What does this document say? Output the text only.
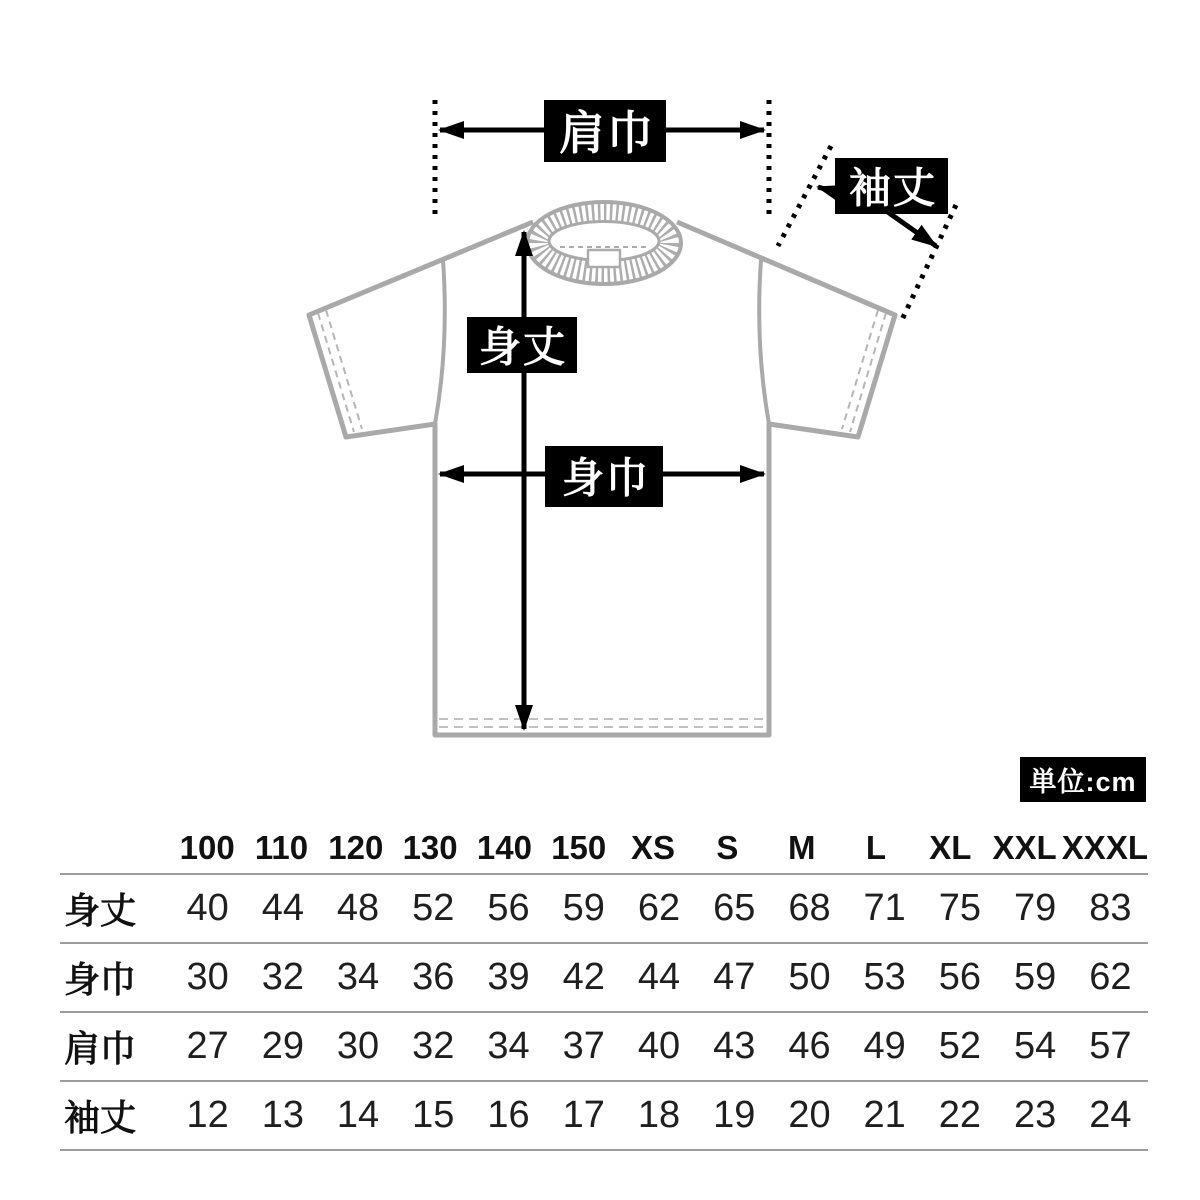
肩巾
袖丈
身丈
身巾
単位:cm
100 110 120 130 140 150 XS	S	M	L	XL XXL XXXL
身丈	40 44 48 52 56 59 62 65 68 71 75 79 83
身巾	30 32 34 36 39 42 44 47 50 53 56 59 62
肩巾	27 29 30 32 34 37 40 43 46 49 52 54 57
袖丈	12 13 14 15 16 17 18 19 20 21 22 23 24
